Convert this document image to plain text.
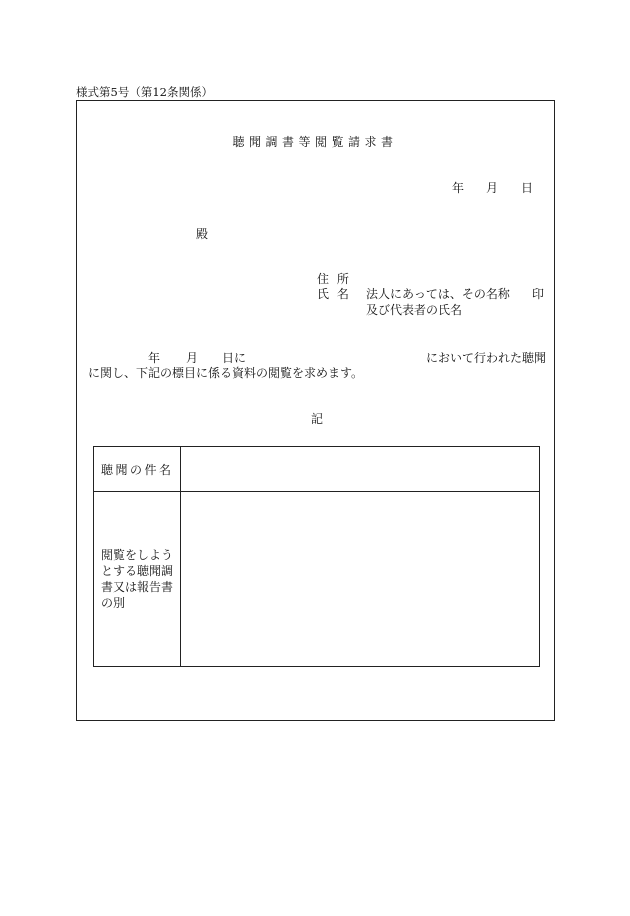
様式第5号（第12条関係）
聴聞調書等閲覧請求書
年 月 日
殿
住 所
氏 名 法人にあっては、その名称 印
及び代表者の氏名
年 月 日に	において行われた聴聞
に関し、下記の標目に係る資料の閲覧を求めます。
記
聴聞の件名	
閲覧をしようとする聴聞調書又は報告書の別	
